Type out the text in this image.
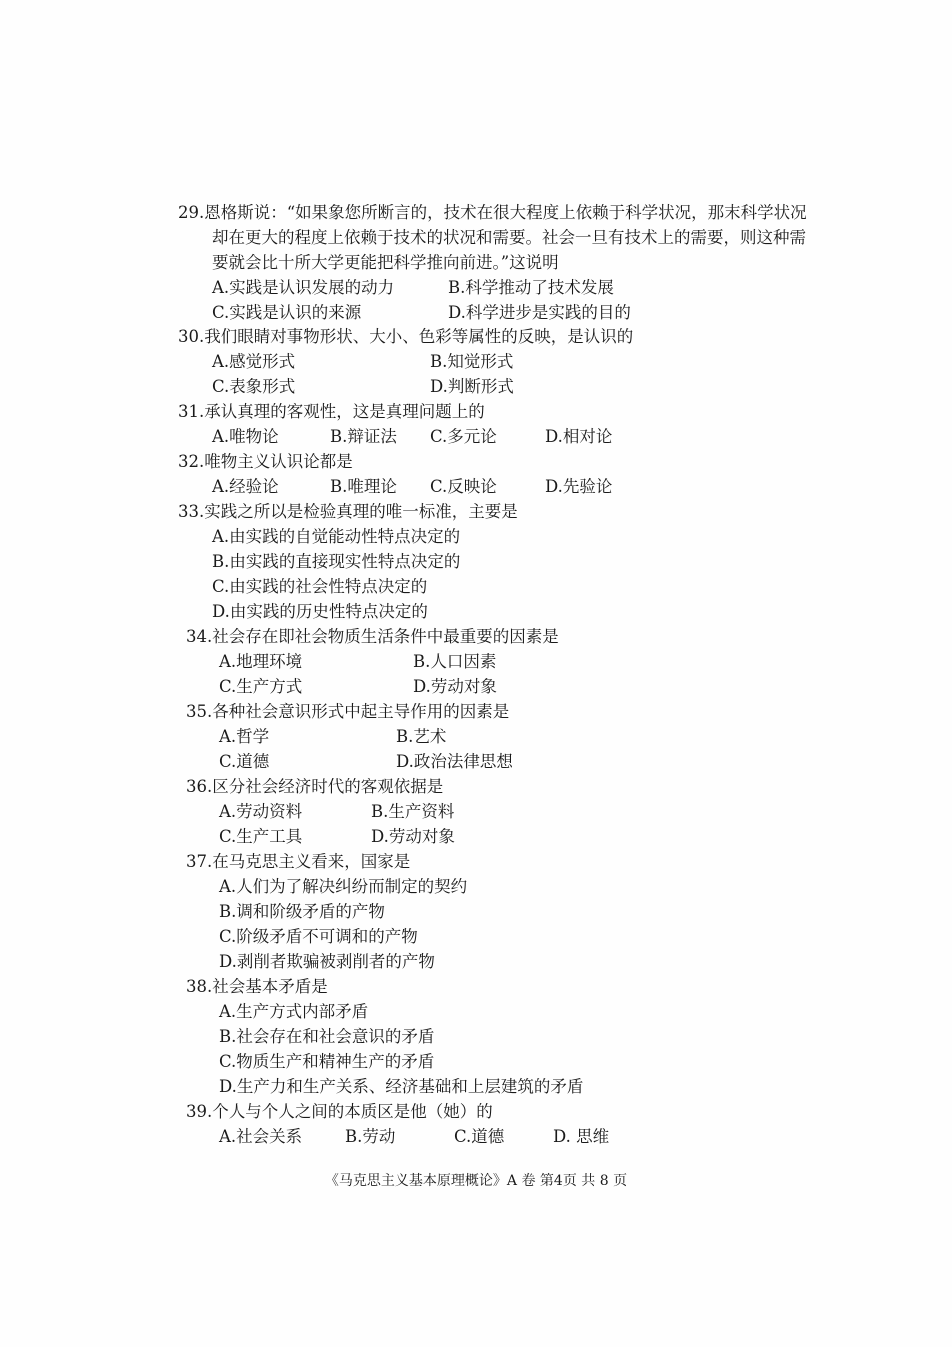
29.恩格斯说：“如果象您所断言的，技术在很大程度上依赖于科学状况，那末科学状况
却在更大的程度上依赖于技术的状况和需要。社会一旦有技术上的需要，则这种需
要就会比十所大学更能把科学推向前进。”这说明
A.实践是认识发展的动力	B.科学推动了技术发展
C.实践是认识的来源	D.科学进步是实践的目的
30.我们眼睛对事物形状、大小、色彩等属性的反映，是认识的
A.感觉形式	B.知觉形式
C.表象形式	D.判断形式
31.承认真理的客观性，这是真理问题上的
A.唯物论	B.辩证法 C.多元论	D.相对论
32.唯物主义认识论都是
A.经验论	B.唯理论 C.反映论	D.先验论
33.实践之所以是检验真理的唯一标准，主要是
A.由实践的自觉能动性特点决定的
B.由实践的直接现实性特点决定的
C.由实践的社会性特点决定的
D.由实践的历史性特点决定的
34.社会存在即社会物质生活条件中最重要的因素是
A.地理环境	B.人口因素
C.生产方式	D.劳动对象
35.各种社会意识形式中起主导作用的因素是
A.哲学	B.艺术
C.道德	D.政治法律思想
36.区分社会经济时代的客观依据是
A.劳动资料	B.生产资料
C.生产工具	D.劳动对象
37.在马克思主义看来，国家是
A.人们为了解决纠纷而制定的契约
B.调和阶级矛盾的产物
C.阶级矛盾不可调和的产物
D.剥削者欺骗被剥削者的产物
38.社会基本矛盾是
A.生产方式内部矛盾
B.社会存在和社会意识的矛盾
C.物质生产和精神生产的矛盾
D.生产力和生产关系、经济基础和上层建筑的矛盾
39.个人与个人之间的本质区是他（她）的
A.社会关系	B.劳动	C.道德	D. 思维
《马克思主义基本原理概论》A 卷 第4页 共 8 页
